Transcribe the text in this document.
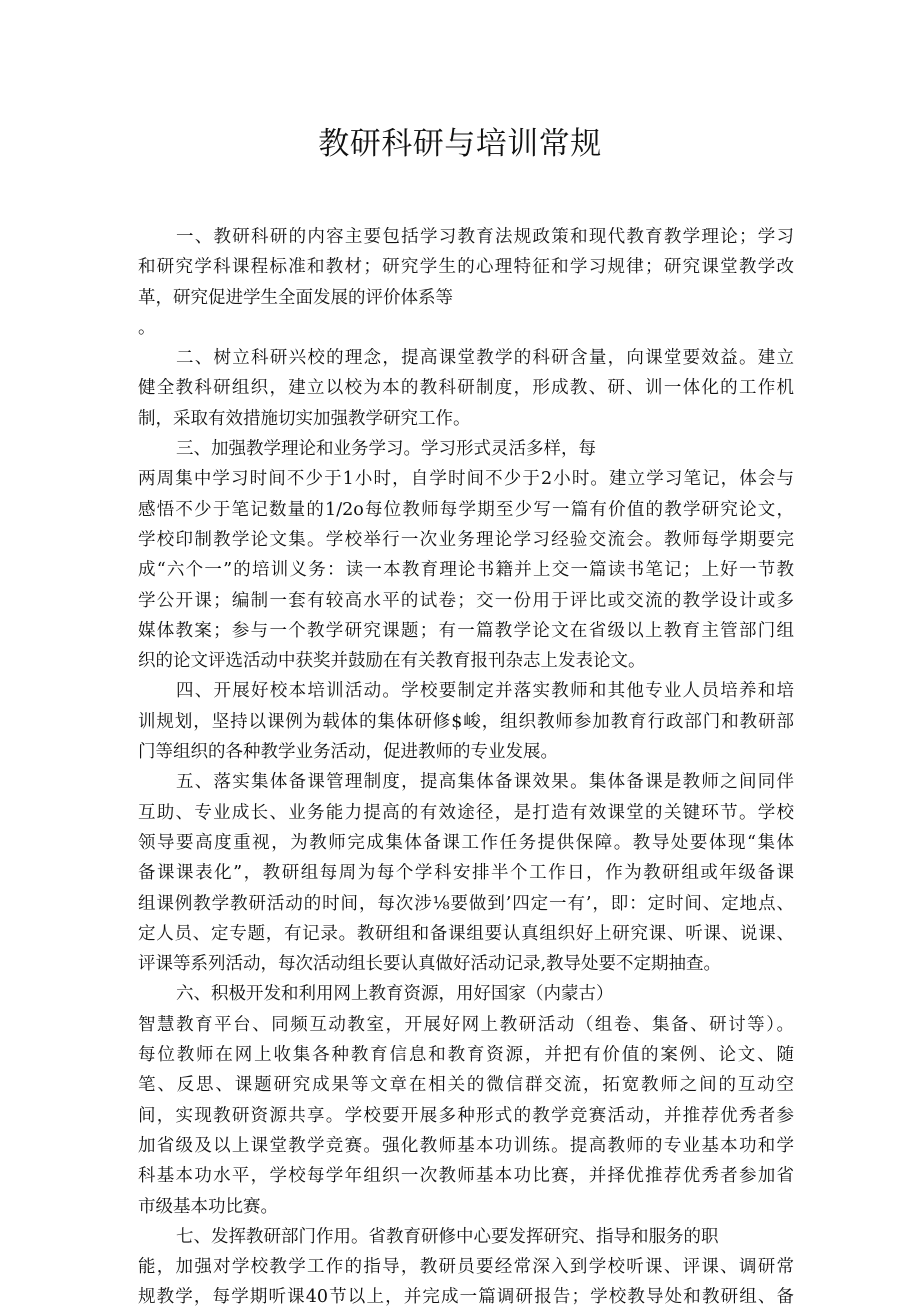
教研科研与培训常规
一、教研科研的内容主要包括学习教育法规政策和现代教育教学理论；学习
和研究学科课程标准和教材；研究学生的心理特征和学习规律；研究课堂教学改
革，研究促进学生全面发展的评价体系等
。
二、树立科研兴校的理念，提高课堂教学的科研含量，向课堂要效益。建立
健全教科研组织，建立以校为本的教科研制度，形成教、研、训一体化的工作机
制，采取有效措施切实加强教学研究工作。
三、加强教学理论和业务学习。学习形式灵活多样，每
两周集中学习时间不少于1小时，自学时间不少于2小时。建立学习笔记，体会与
感悟不少于笔记数量的1∕2o每位教师每学期至少写一篇有价值的教学研究论文，
学校印制教学论文集。学校举行一次业务理论学习经验交流会。教师每学期要完
成“六个一”的培训义务：读一本教育理论书籍并上交一篇读书笔记；上好一节教
学公开课；编制一套有较高水平的试卷；交一份用于评比或交流的教学设计或多
媒体教案；参与一个教学研究课题；有一篇教学论文在省级以上教育主管部门组
织的论文评选活动中获奖并鼓励在有关教育报刊杂志上发表论文。
四、开展好校本培训活动。学校要制定并落实教师和其他专业人员培养和培
训规划，坚持以课例为载体的集体研修$峻，组织教师参加教育行政部门和教研部
门等组织的各种教学业务活动，促进教师的专业发展。
五、落实集体备课管理制度，提高集体备课效果。集体备课是教师之间同伴
互助、专业成长、业务能力提高的有效途径，是打造有效课堂的关键环节。学校
领导要高度重视，为教师完成集体备课工作任务提供保障。教导处要体现“集体
备课课表化”，教研组每周为每个学科安排半个工作日，作为教研组或年级备课
组课例教学教研活动的时间，每次涉⅛要做到’四定一有’，即：定时间、定地点、
定人员、定专题，有记录。教研组和备课组要认真组织好上研究课、听课、说课、
评课等系列活动，每次活动组长要认真做好活动记录,教导处要不定期抽查。
六、积极开发和利用网上教育资源，用好国家（内蒙古）
智慧教育平台、同频互动教室，开展好网上教研活动（组卷、集备、研讨等）。
每位教师在网上收集各种教育信息和教育资源，并把有价值的案例、论文、随
笔、反思、课题研究成果等文章在相关的微信群交流，拓宽教师之间的互动空
间，实现教研资源共享。学校要开展多种形式的教学竞赛活动，并推荐优秀者参
加省级及以上课堂教学竞赛。强化教师基本功训练。提高教师的专业基本功和学
科基本功水平，学校每学年组织一次教师基本功比赛，并择优推荐优秀者参加省
市级基本功比赛。
七、发挥教研部门作用。省教育研修中心要发挥研究、指导和服务的职
能，加强对学校教学工作的指导，教研员要经常深入到学校听课、评课、调研常
规教学，每学期听课40节以上，并完成一篇调研报告；学校教导处和教研组、备
